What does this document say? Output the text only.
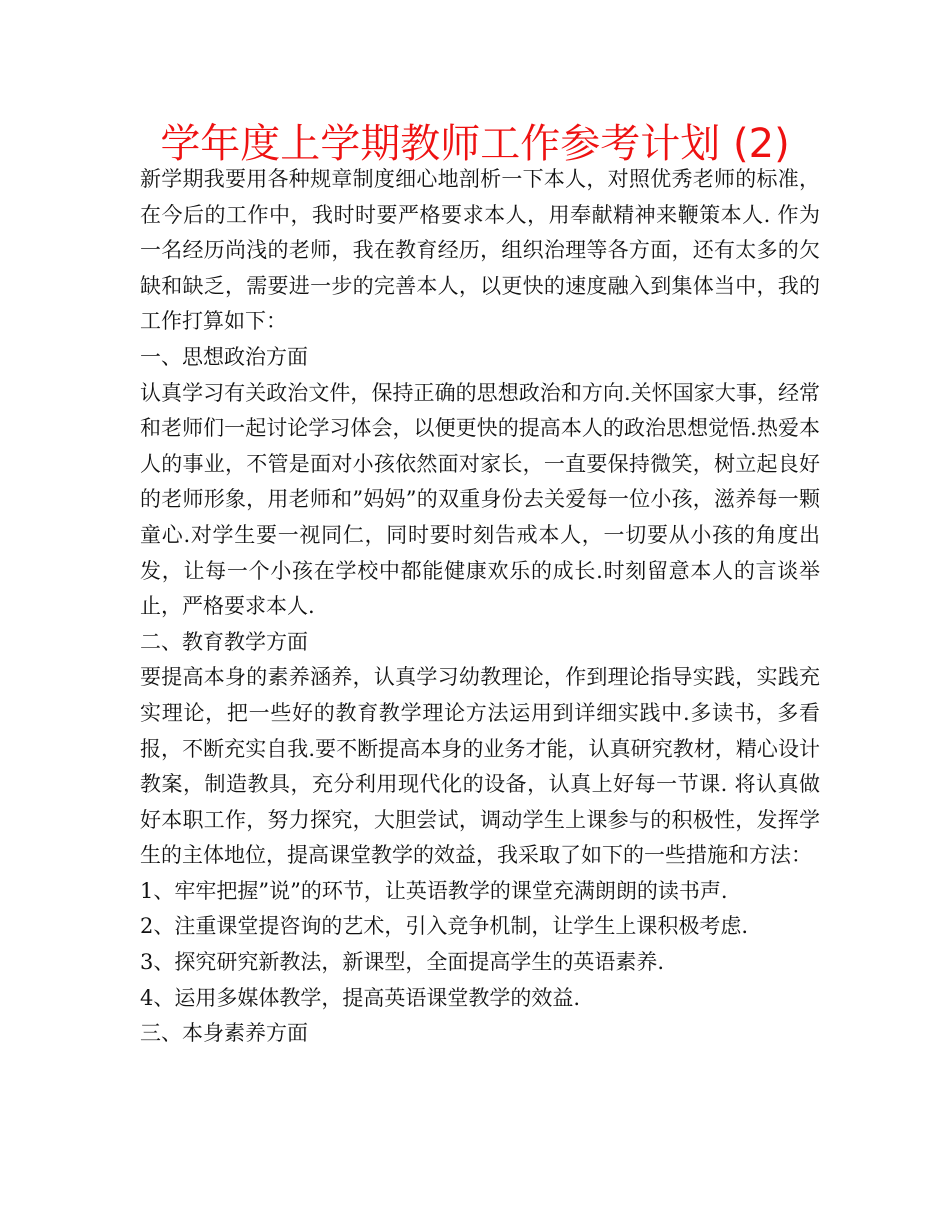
学年度上学期教师工作参考计划 (2)

新学期我要用各种规章制度细心地剖析一下本人，对照优秀老师的标准，在今后的工作中，我时时要严格要求本人，用奉献精神来鞭策本人. 作为一名经历尚浅的老师，我在教育经历，组织治理等各方面，还有太多的欠缺和缺乏，需要进一步的完善本人，以更快的速度融入到集体当中，我的工作打算如下：

一、思想政治方面

认真学习有关政治文件，保持正确的思想政治和方向.关怀国家大事，经常和老师们一起讨论学习体会，以便更快的提高本人的政治思想觉悟.热爱本人的事业，不管是面对小孩依然面对家长，一直要保持微笑，树立起良好的老师形象，用老师和”妈妈”的双重身份去关爱每一位小孩，滋养每一颗童心.对学生要一视同仁，同时要时刻告戒本人，一切要从小孩的角度出发，让每一个小孩在学校中都能健康欢乐的成长.时刻留意本人的言谈举止，严格要求本人.

二、教育教学方面

要提高本身的素养涵养，认真学习幼教理论，作到理论指导实践，实践充实理论，把一些好的教育教学理论方法运用到详细实践中.多读书，多看报，不断充实自我.要不断提高本身的业务才能，认真研究教材，精心设计教案，制造教具，充分利用现代化的设备，认真上好每一节课. 将认真做好本职工作，努力探究，大胆尝试，调动学生上课参与的积极性，发挥学生的主体地位，提高课堂教学的效益，我采取了如下的一些措施和方法：

1、牢牢把握”说”的环节，让英语教学的课堂充满朗朗的读书声.

2、注重课堂提咨询的艺术，引入竞争机制，让学生上课积极考虑.

3、探究研究新教法，新课型，全面提高学生的英语素养.

4、运用多媒体教学，提高英语课堂教学的效益.

三、本身素养方面
